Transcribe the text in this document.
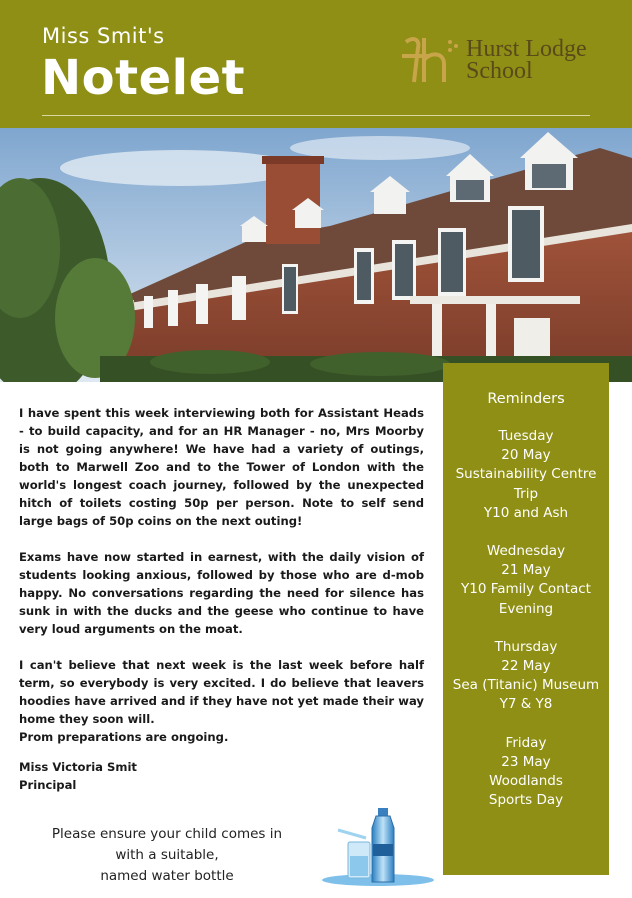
Miss Smit's
Notelet
Hurst Lodge
School
Reminders
Tuesday
20 May
Sustainability Centre
Trip
Y10 and Ash
Wednesday
21 May
Y10 Family Contact
Evening
Thursday
22 May
Sea (Titanic) Museum
Y7 & Y8
Friday
23 May
Woodlands
Sports Day

I have spent this week interviewing both for Assistant Heads - to build capacity, and for an HR Manager - no, Mrs Moorby is not going anywhere! We have had a variety of outings, both to Marwell Zoo and to the Tower of London with the world's longest coach journey, followed by the unexpected hitch of toilets costing 50p per person. Note to self send large bags of 50p coins on the next outing!

Exams have now started in earnest, with the daily vision of students looking anxious, followed by those who are d-mob happy. No conversations regarding the need for silence has sunk in with the ducks and the geese who continue to have very loud arguments on the moat.

I can't believe that next week is the last week before half term, so everybody is very excited. I do believe that leavers hoodies have arrived and if they have not yet made their way home they soon will.

Prom preparations are ongoing.
Miss Victoria Smit
Principal
Please ensure your child comes in
with a suitable,
named water bottle
